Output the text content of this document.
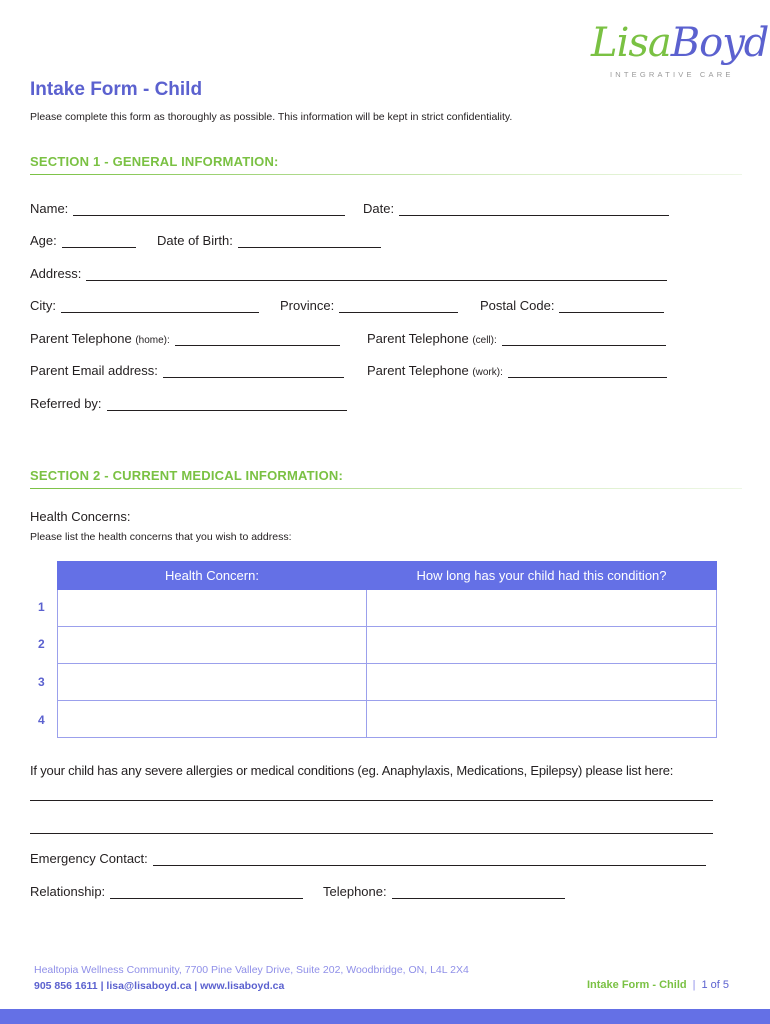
LisaBoyd
INTEGRATIVE CARE
Intake Form - Child
Please complete this form as thoroughly as possible. This information will be kept in strict confidentiality.
SECTION 1 - GENERAL INFORMATION:
Name:	Date:
Age:	Date of Birth:
Address:
City:	Province:	Postal Code:
Parent Telephone (home):	Parent Telephone (cell):
Parent Email address:	Parent Telephone (work):
Referred by:
SECTION 2 - CURRENT MEDICAL INFORMATION:
Health Concerns:
Please list the health concerns that you wish to address:
Health Concern:	How long has your child had this condition?

1
2
3
4
If your child has any severe allergies or medical conditions (eg. Anaphylaxis, Medications, Epilepsy) please list here:
Emergency Contact:
Relationship:	Telephone:
Healtopia Wellness Community, 7700 Pine Valley Drive, Suite 202, Woodbridge, ON, L4L 2X4
905 856 1611 | lisa@lisaboyd.ca | www.lisaboyd.ca	Intake Form - Child | 1 of 5
